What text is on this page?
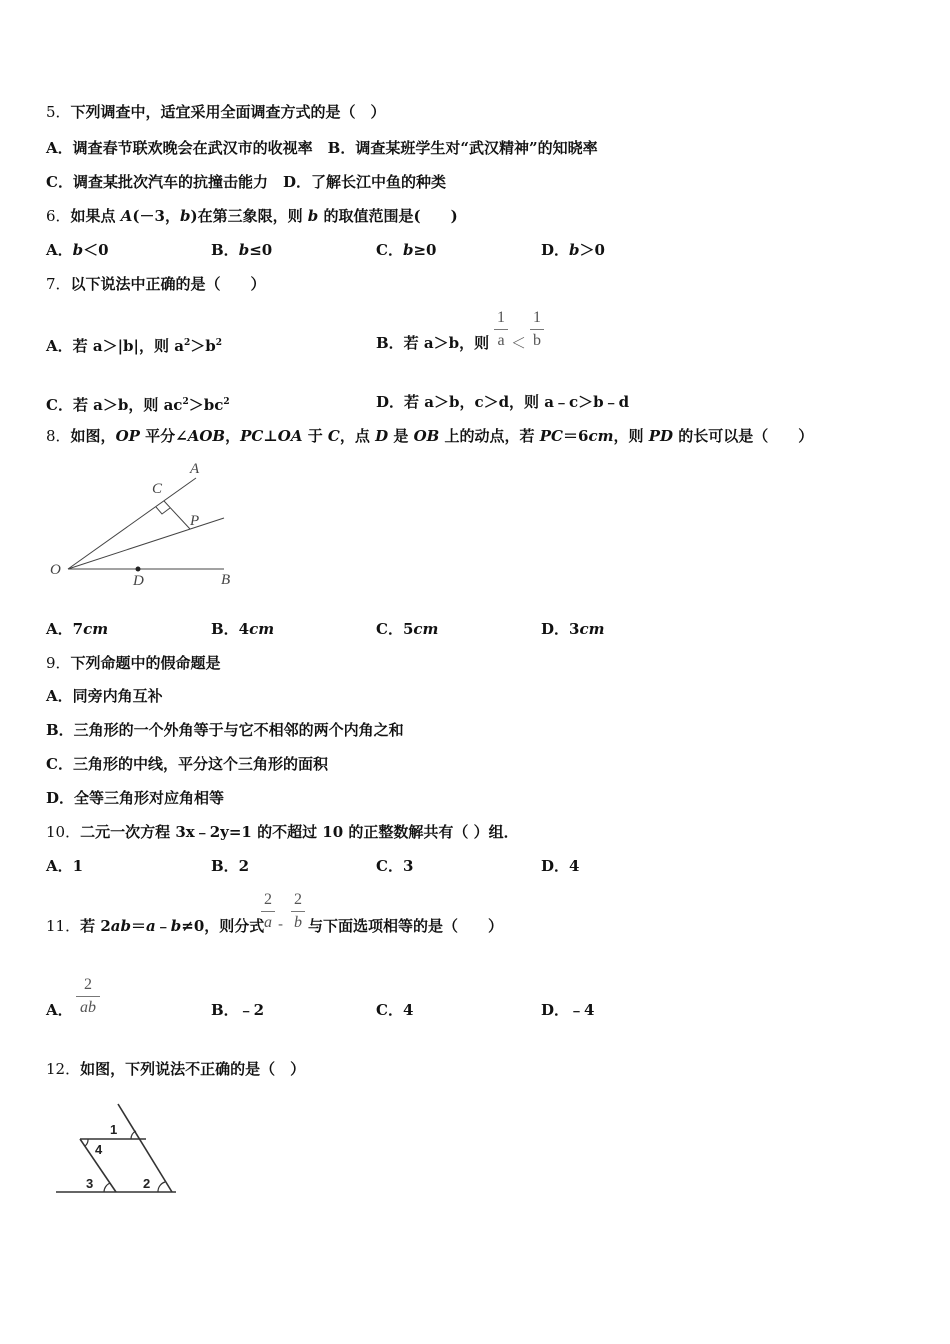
5．下列调查中，适宜采用全面调查方式的是（　）
A．调查春节联欢晚会在武汉市的收视率　B．调查某班学生对“武汉精神”的知晓率
C．调查某批次汽车的抗撞击能力　D．了解长江中鱼的种类
6．如果点 A(－3，b)在第三象限，则 b 的取值范围是(　　)
A．b＜0	B．b≤0	C．b≥0	D．b＞0
7．以下说法中正确的是（　　）
A．若 a＞|b|，则 $a^2>b^2$	B．若 a＞b，则
1
a ＜
1
b
C．若 a＞b，则 $ac^2>bc^2$	D．若 a＞b，c＞d，则 a﹣c＞b﹣d
8．如图，OP 平分∠AOB，PC⊥OA 于 C，点 D 是 OB 上的动点，若 PC＝6cm，则 PD 的长可以是（　　）
A
C
P
O
D	B
A．7cm	B．4cm	C．5cm	D．3cm
9．下列命题中的假命题是
A．同旁内角互补
B．三角形的一个外角等于与它不相邻的两个内角之和
C．三角形的中线，平分这个三角形的面积
D．全等三角形对应角相等
10．二元一次方程 3x﹣2y=1 的不超过 10 的正整数解共有（ ）组．
A．1	B．2	C．3	D．4
11．若 2ab＝a﹣b≠0，则分式
2
a -
2
b 与下面选项相等的是（　　）
A．
2
ab	B．﹣2	C．4	D．﹣4
12．如图，下列说法不正确的是（　）
1
2
3
4
